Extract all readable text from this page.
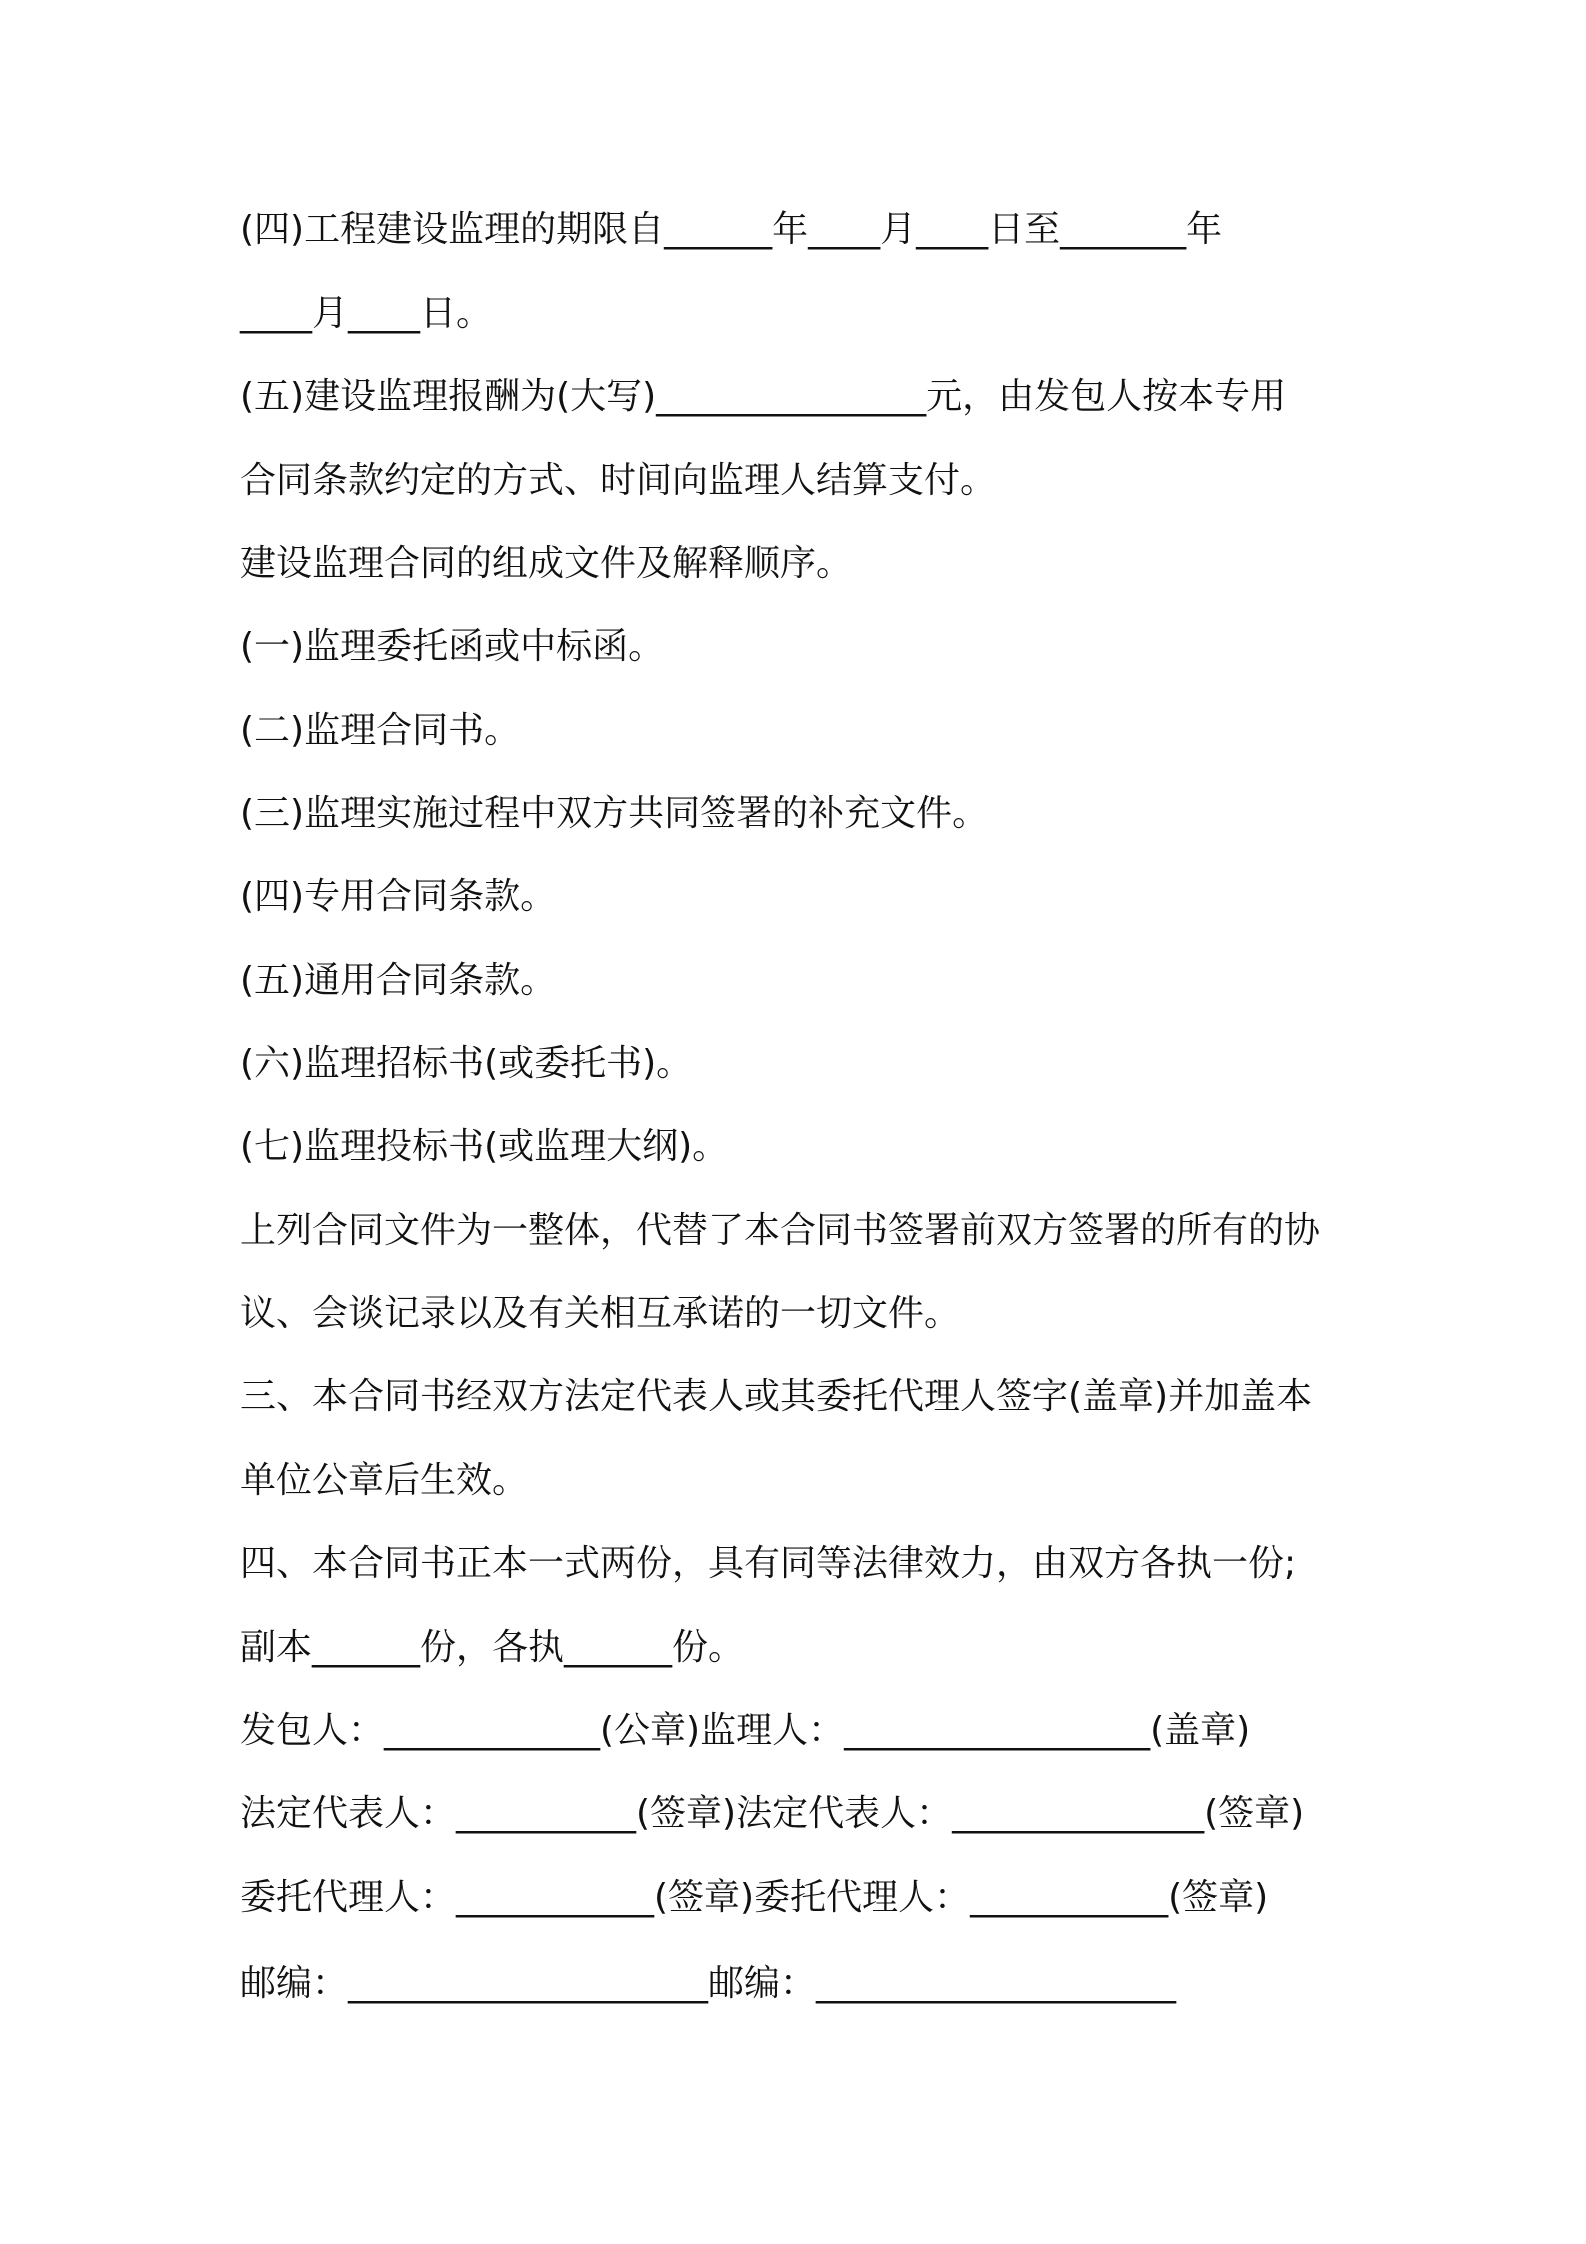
(四)工程建设监理的期限自______年____月____日至_______年

____月____日。

(五)建设监理报酬为(大写)_______________元，由发包人按本专用

合同条款约定的方式、时间向监理人结算支付。

建设监理合同的组成文件及解释顺序。

(一)监理委托函或中标函。

(二)监理合同书。

(三)监理实施过程中双方共同签署的补充文件。

(四)专用合同条款。

(五)通用合同条款。

(六)监理招标书(或委托书)。

(七)监理投标书(或监理大纲)。

上列合同文件为一整体，代替了本合同书签署前双方签署的所有的协

议、会谈记录以及有关相互承诺的一切文件。

三、本合同书经双方法定代表人或其委托代理人签字(盖章)并加盖本

单位公章后生效。

四、本合同书正本一式两份，具有同等法律效力，由双方各执一份;

副本______份，各执______份。

发包人：____________(公章)监理人：_________________(盖章)

法定代表人：__________(签章)法定代表人：______________(签章)

委托代理人：___________(签章)委托代理人：___________(签章)

邮编：____________________邮编：____________________
